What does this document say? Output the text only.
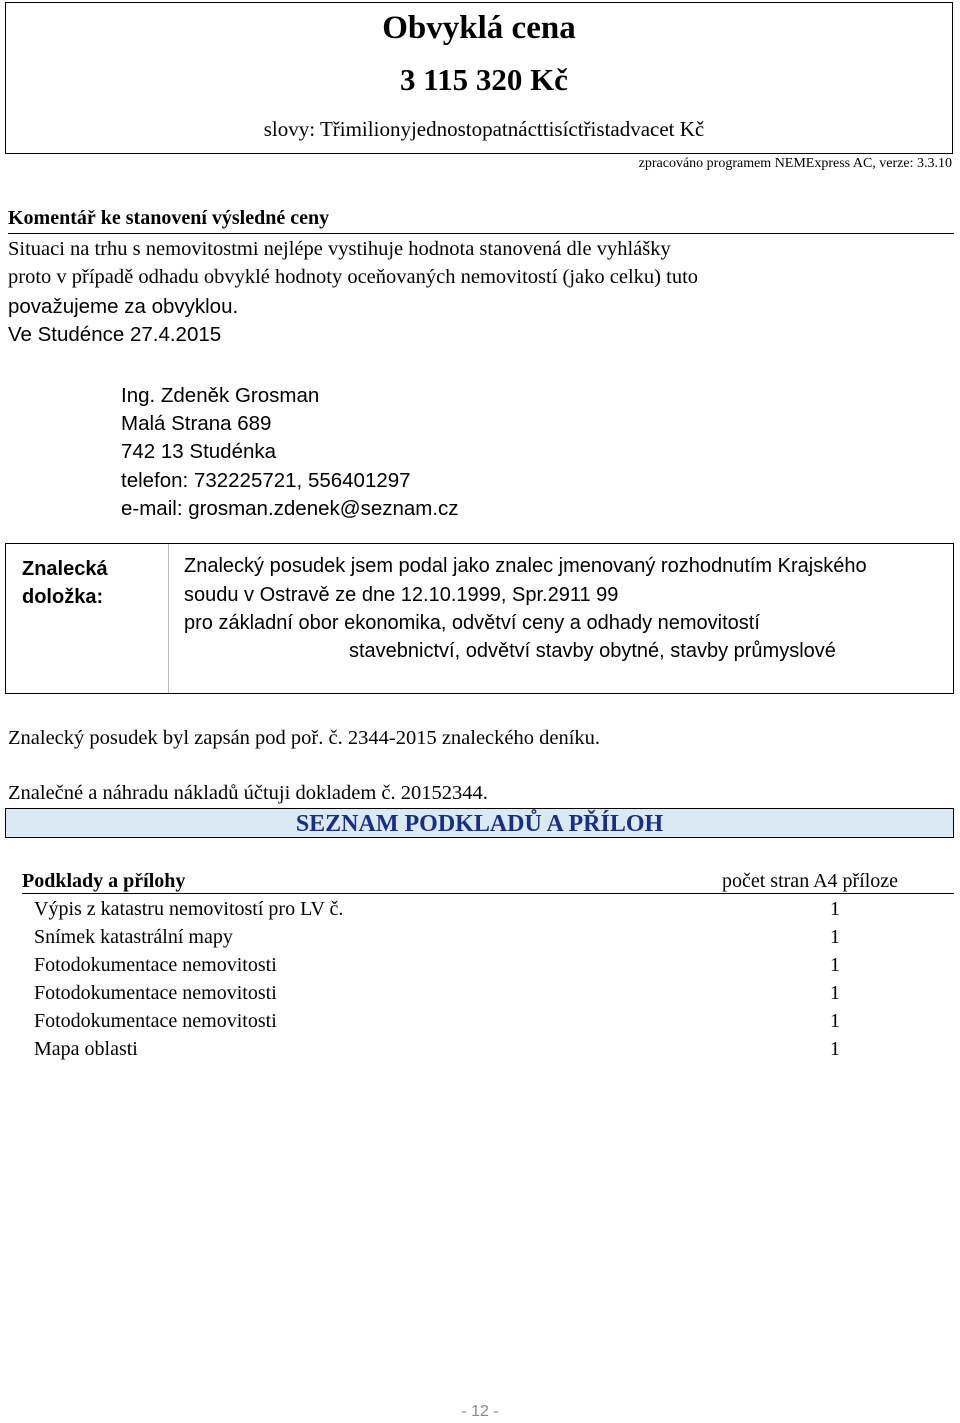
Obvyklá cena
3 115 320 Kč
slovy: Třimilionyjednostopatnácttisíctřistadvacet Kč
zpracováno programem NEMExpress AC, verze: 3.3.10
Komentář ke stanovení výsledné ceny
Situaci na trhu s nemovitostmi nejlépe vystihuje hodnota stanovená dle vyhlášky
proto v případě odhadu obvyklé hodnoty oceňovaných nemovitostí (jako celku) tuto
považujeme za obvyklou.
Ve Studénce 27.4.2015
Ing. Zdeněk Grosman
Malá Strana 689
742 13 Studénka
telefon: 732225721, 556401297
e-mail: grosman.zdenek@seznam.cz
Znalecká
doložka:
Znalecký posudek jsem podal jako znalec jmenovaný rozhodnutím Krajského
soudu v Ostravě ze dne 12.10.1999, Spr.2911 99
pro základní obor ekonomika, odvětví ceny a odhady nemovitostí
stavebnictví, odvětví stavby obytné, stavby průmyslové
Znalecký posudek byl zapsán pod poř. č. 2344-2015 znaleckého deníku.
Znalečné a náhradu nákladů účtuji dokladem č. 20152344.
SEZNAM PODKLADŮ A PŘÍLOH
Podklady a přílohy	počet stran A4 příloze
Výpis z katastru nemovitostí pro LV č.	1
Snímek katastrální mapy	1
Fotodokumentace nemovitosti	1
Fotodokumentace nemovitosti	1
Fotodokumentace nemovitosti	1
Mapa oblasti	1
- 12 -
